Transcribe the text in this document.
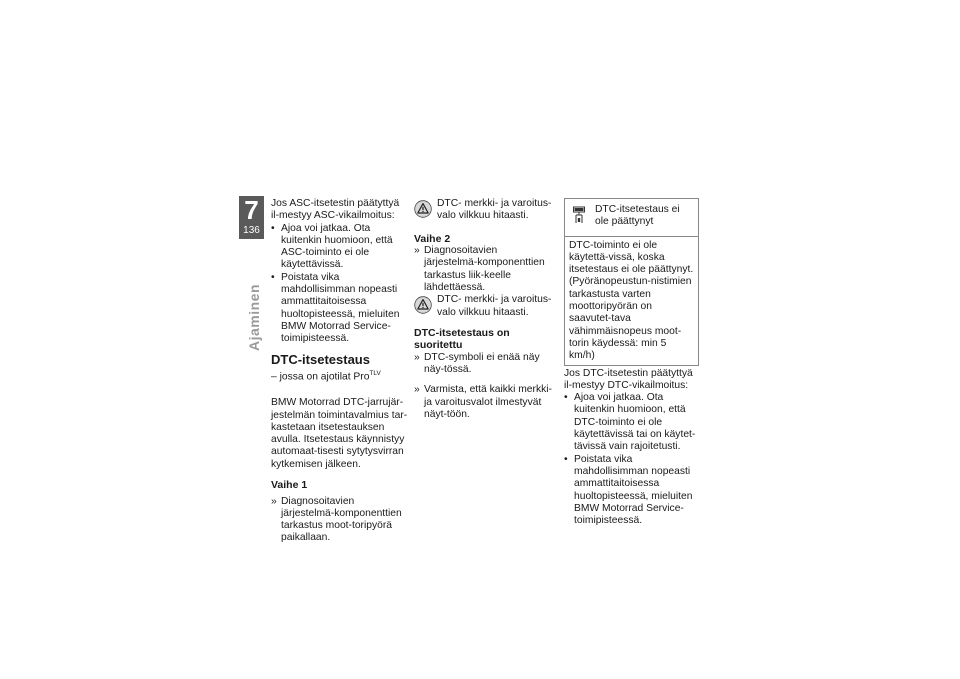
7
136
Ajaminen

Jos ASC-itsetestin päätyttyä il-mestyy ASC-vikailmoitus:

• Ajoa voi jatkaa. Ota kuitenkin huomioon, että ASC-toiminto ei ole käytettävissä.
• Poistata vika mahdollisimman nopeasti ammattitaitoisessa huoltopisteessä, mieluiten BMW Motorrad Service-toimipisteessä.
DTC-itsetestaus

– jossa on ajotilat Pro$^{TLV}$

BMW Motorrad DTC-jarrujär-jestelmän toimintavalmius tar-kastetaan itsetestauksen avulla. Itsetestaus käynnistyy automaat-tisesti sytytysvirran kytkemisen jälkeen.

Vaihe 1
» Diagnosoitavien järjestelmä-komponenttien tarkastus moot-toripyörä paikallaan.

DTC- merkki- ja varoitus-valo vilkkuu hitaasti.

Vaihe 2
» Diagnosoitavien järjestelmä-komponenttien tarkastus liik-keelle lähdettäessä.

DTC- merkki- ja varoitus-valo vilkkuu hitaasti.

DTC-itsetestaus on suoritettu
» DTC-symboli ei enää näy näy-tössä.
» Varmista, että kaikki merkki- ja varoitusvalot ilmestyvät näyt-töön.

DTC-itsetestaus ei ole päättynyt

DTC-toiminto ei ole käytettä-vissä, koska itsetestaus ei ole päättynyt. (Pyöränopeustun-nistimien tarkastusta varten moottoripyörän on saavutet-tava vähimmäisnopeus moot-torin käydessä: min 5 km/h)

Jos DTC-itsetestin päätyttyä il-mestyy DTC-vikailmoitus:

• Ajoa voi jatkaa. Ota kuitenkin huomioon, että DTC-toiminto ei ole käytettävissä tai on käytet-tävissä vain rajoitetusti.
• Poistata vika mahdollisimman nopeasti ammattitaitoisessa huoltopisteessä, mieluiten BMW Motorrad Service-toimipisteessä.
